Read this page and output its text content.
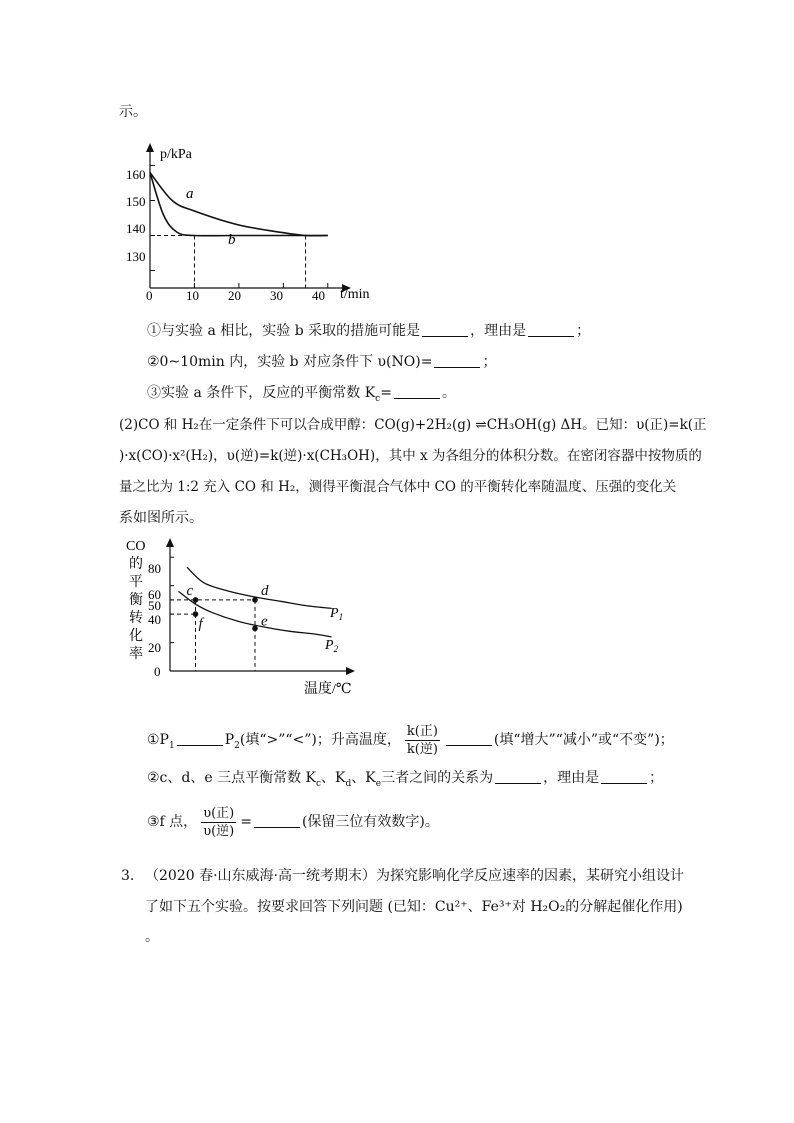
示。
p/kPa
t/min
a
b
160
150
140
130
0	10 20 30 40
①与实验 a 相比，实验 b 采取的措施可能是	，理由是	；
②0~10min 内，实验 b 对应条件下 υ(NO)=	；
③实验 a 条件下，反应的平衡常数 $K_c=$	。
(2)CO 和 H₂在一定条件下可以合成甲醇：CO(g)+2H₂(g) ⇌CH₃OH(g) ΔH。已知：υ(正)=k(正
)·x(CO)·x²(H₂)，υ(逆)=k(逆)·x(CH₃OH)，其中 x 为各组分的体积分数。在密闭容器中按物质的
量之比为 1:2 充入 CO 和 H₂，测得平衡混合气体中 CO 的平衡转化率随温度、压强的变化关
系如图所示。
c	d
e
f
CO
的
平
衡
转
化
率
80
60
50
40
20
0
温度/℃
$P_1$
$P_2$
$①P_1$	$P_2$(填“>”“<”)；升高温度， $\frac{\text{k(正)}}{\text{k(逆)}}$	(填“增大”“减小”或“不变”)；
②c、d、e 三点平衡常数 $K_c$、$K_d$、$K_e$三者之间的关系为	，理由是	；
③f 点， $\frac{\text{υ(正)}}{\text{υ(逆)}}$ =	(保留三位有效数字)。
3. （2020 春·山东威海·高一统考期末）为探究影响化学反应速率的因素，某研究小组设计
了如下五个实验。按要求回答下列问题 (已知：Cu²⁺、Fe³⁺对 H₂O₂的分解起催化作用)
。
